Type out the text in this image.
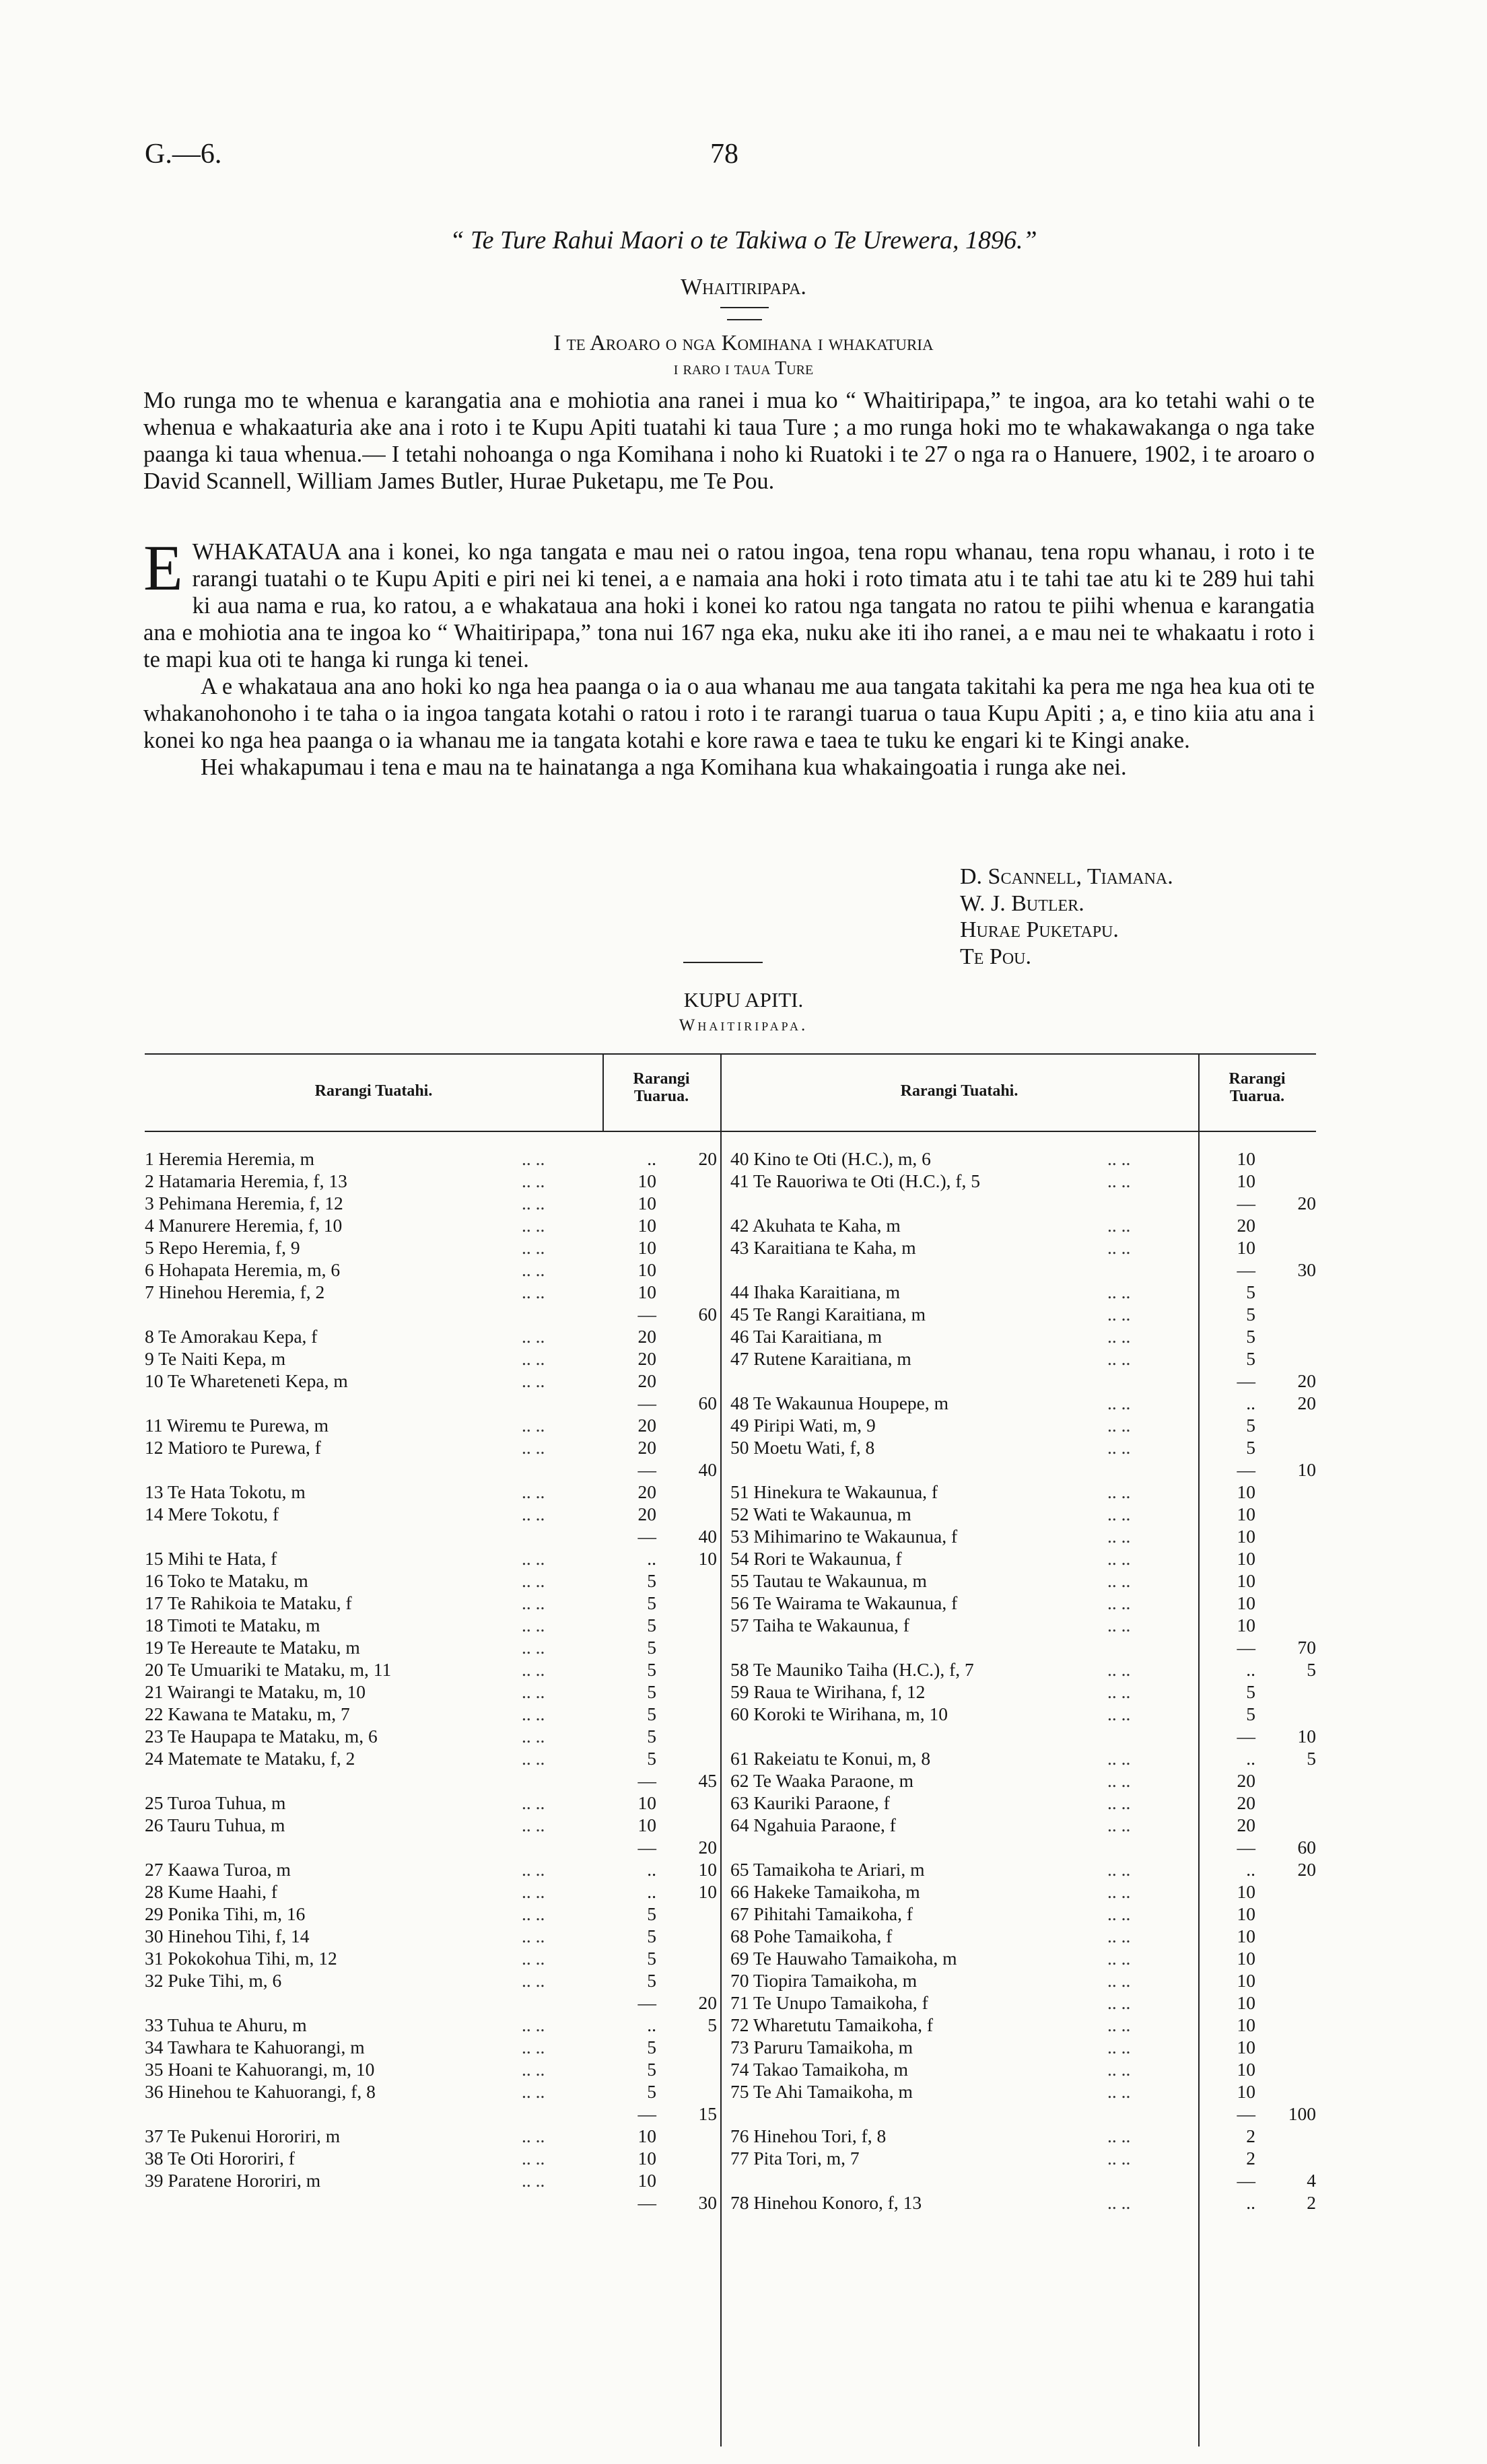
G.—6.	78
“ Te Ture Rahui Maori o te Takiwa o Te Urewera, 1896.”
Whaitiripapa.
I te Aroaro o nga Komihana i whakaturia
i raro i taua Ture

Mo runga mo te whenua e karangatia ana e mohiotia ana ranei i mua ko “ Whaitiripapa,” te ingoa, ara ko tetahi wahi o te whenua e whakaaturia ake ana i roto i te Kupu Apiti tuatahi ki taua Ture ; a mo runga hoki mo te whakawakanga o nga take paanga ki taua whenua.— I tetahi nohoanga o nga Komihana i noho ki Ruatoki i te 27 o nga ra o Hanuere, 1902, i te aroaro o David Scannell, William James Butler, Hurae Puketapu, me Te Pou.

EWHAKATAUA ana i konei, ko nga tangata e mau nei o ratou ingoa, tena ropu whanau, tena ropu whanau, i roto i te rarangi tuatahi o te Kupu Apiti e piri nei ki tenei, a e namaia ana hoki i roto timata atu i te tahi tae atu ki te 289 hui tahi ki aua nama e rua, ko ratou, a e whakatauа ana hoki i konei ko ratou nga tangata no ratou te piihi whenua e karangatia ana e mohiotia ana te ingoa ko “ Whaitiripapa,” tona nui 167 nga eka, nuku ake iti iho ranei, a e mau nei te whakaatu i roto i te mapi kua oti te hanga ki runga ki tenei.

A e whakataua ana ano hoki ko nga hea paanga o ia o aua whanau me aua tangata takitahi ka pera me nga hea kua oti te whakanohonoho i te taha o ia ingoa tangata kotahi o ratou i roto i te rarangi tuarua o taua Kupu Apiti ; a, e tino kiia atu ana i konei ko nga hea paanga o ia whanau me ia tangata kotahi e kore rawa e taea te tuku ke engari ki te Kingi anake.

Hei whakapumau i tena e mau na te hainatanga a nga Komihana kua whakaingoatia i runga ake nei.

D. Scannell, Tiamana.
W. J. Butler.
Hurae Puketapu.
Te Pou.
KUPU APITI.
Whaitiripapa.
Rarangi Tuatahi.
Rarangi Tuarua.	Rarangi Tuatahi.
Rarangi Tuarua.
1 Heremia Heremia, m	.. ..	..	20

2 Hatamaria Heremia, f, 13	.. ..	10	
3 Pehimana Heremia, f, 12	.. ..	10	
4 Manurere Heremia, f, 10	.. ..	10	
5 Repo Heremia, f, 9	.. ..	10	
6 Hohapata Heremia, m, 6	.. ..	10	
7 Hinehou Heremia, f, 2	.. ..	10	
		—	60
8 Te Amorakau Kepa, f	.. ..	20	
9 Te Naiti Kepa, m	.. ..	20	
10 Te Whareteneti Kepa, m	.. ..	20	
		—	60
11 Wiremu te Purewa, m	.. ..	20	
12 Matioro te Purewa, f	.. ..	20	
		—	40
13 Te Hata Tokotu, m	.. ..	20	
14 Mere Tokotu, f	.. ..	20	
		—	40
15 Mihi te Hata, f	.. ..	..	10

16 Toko te Mataku, m	.. ..	5	
17 Te Rahikoia te Mataku, f	.. ..	5	
18 Timoti te Mataku, m	.. ..	5	
19 Te Hereaute te Mataku, m	.. ..	5	
20 Te Umuariki te Mataku, m, 11	.. ..	5	
21 Wairangi te Mataku, m, 10	.. ..	5	
22 Kawana te Mataku, m, 7	.. ..	5	
23 Te Haupapa te Mataku, m, 6	.. ..	5	
24 Matemate te Mataku, f, 2	.. ..	5	
		—	45
25 Turoa Tuhua, m	.. ..	10	
26 Tauru Tuhua, m	.. ..	10	
		—	20
27 Kaawa Turoa, m	.. ..	..	10

28 Kume Haahi, f	.. ..	..	10

29 Ponika Tihi, m, 16	.. ..	5	
30 Hinehou Tihi, f, 14	.. ..	5	
31 Pokokohua Tihi, m, 12	.. ..	5	
32 Puke Tihi, m, 6	.. ..	5	
		—	20
33 Tuhua te Ahuru, m	.. ..	..	5

34 Tawhara te Kahuorangi, m	.. ..	5	
35 Hoani te Kahuorangi, m, 10	.. ..	5	
36 Hinehou te Kahuorangi, f, 8	.. ..	5	
		—	15
37 Te Pukenui Hororiri, m	.. ..	10	
38 Te Oti Hororiri, f	.. ..	10	
39 Paratene Hororiri, m	.. ..	10	
		—	30
40 Kino te Oti (H.C.), m, 6	.. ..	10	
41 Te Rauoriwa te Oti (H.C.), f, 5	.. ..	10	
		—	20
42 Akuhata te Kaha, m	.. ..	20	
43 Karaitiana te Kaha, m	.. ..	10	
		—	30
44 Ihaka Karaitiana, m	.. ..	5	
45 Te Rangi Karaitiana, m	.. ..	5	
46 Tai Karaitiana, m	.. ..	5	
47 Rutene Karaitiana, m	.. ..	5	
		—	20
48 Te Wakaunua Houpepe, m	.. ..	..	20

49 Piripi Wati, m, 9	.. ..	5	
50 Moetu Wati, f, 8	.. ..	5	
		—	10
51 Hinekura te Wakaunua, f	.. ..	10	
52 Wati te Wakaunua, m	.. ..	10	
53 Mihimarino te Wakaunua, f	.. ..	10	
54 Rori te Wakaunua, f	.. ..	10	
55 Tautau te Wakaunua, m	.. ..	10	
56 Te Wairama te Wakaunua, f	.. ..	10	
57 Taiha te Wakaunua, f	.. ..	10	
		—	70
58 Te Mauniko Taiha (H.C.), f, 7	.. ..	..	5

59 Raua te Wirihana, f, 12	.. ..	5	
60 Koroki te Wirihana, m, 10	.. ..	5	
		—	10
61 Rakeiatu te Konui, m, 8	.. ..	..	5

62 Te Waaka Paraone, m	.. ..	20	
63 Kauriki Paraone, f	.. ..	20	
64 Ngahuia Paraone, f	.. ..	20	
		—	60
65 Tamaikoha te Ariari, m	.. ..	..	20

66 Hakeke Tamaikoha, m	.. ..	10	
67 Pihitahi Tamaikoha, f	.. ..	10	
68 Pohe Tamaikoha, f	.. ..	10	
69 Te Hauwaho Tamaikoha, m	.. ..	10	
70 Tiopira Tamaikoha, m	.. ..	10	
71 Te Unupo Tamaikoha, f	.. ..	10	
72 Wharetutu Tamaikoha, f	.. ..	10	
73 Paruru Tamaikoha, m	.. ..	10	
74 Takao Tamaikoha, m	.. ..	10	
75 Te Ahi Tamaikoha, m	.. ..	10	
		—	100
76 Hinehou Tori, f, 8	.. ..	2	
77 Pita Tori, m, 7	.. ..	2	
		—	4
78 Hinehou Konoro, f, 13	.. ..	..	2
